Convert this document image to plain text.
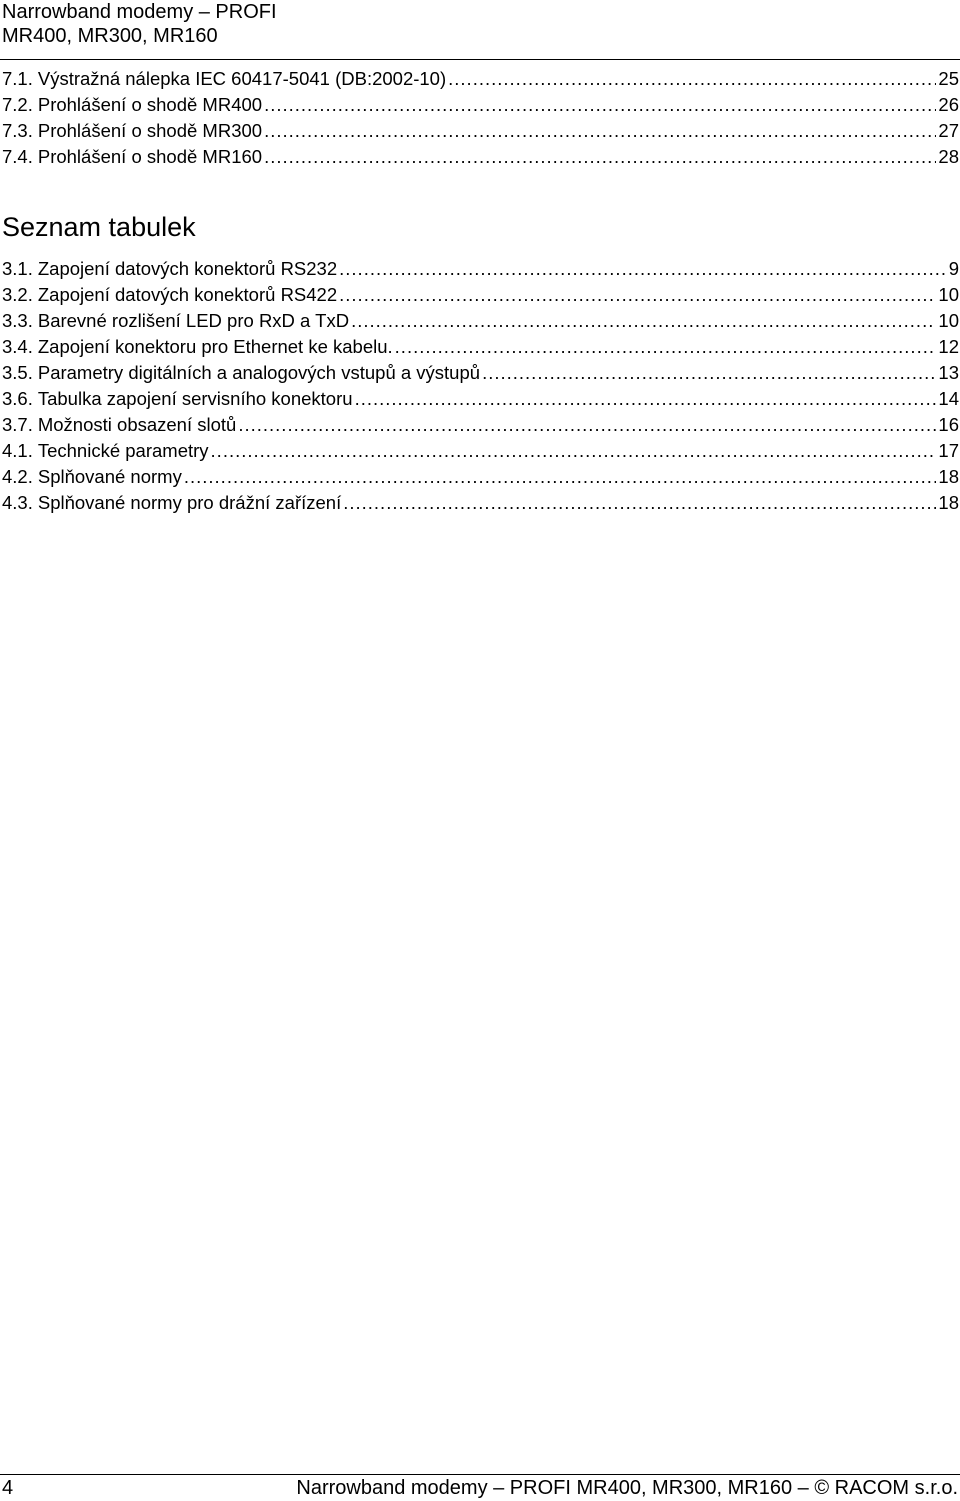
Narrowband modemy – PROFI
MR400, MR300, MR160
7.1. Výstražná nálepka IEC 60417-5041 (DB:2002-10) .....	25
7.2. Prohlášení o shodě MR400 .....	26
7.3. Prohlášení o shodě MR300 .....	27
7.4. Prohlášení o shodě MR160 .....	28
Seznam tabulek
3.1. Zapojení datových konektorů RS232 .....	9
3.2. Zapojení datových konektorů RS422 .....	10
3.3. Barevné rozlišení LED pro RxD a TxD .....	10
3.4. Zapojení konektoru pro Ethernet ke kabelu. .....	12
3.5. Parametry digitálních a analogových vstupů a výstupů .....	13
3.6. Tabulka zapojení servisního konektoru .....	14
3.7. Možnosti obsazení slotů .....	16
4.1. Technické parametry .....	17
4.2. Splňované normy .....	18
4.3. Splňované normy pro drážní zařízení .....	18
4	Narrowband modemy – PROFI MR400, MR300, MR160 – © RACOM s.r.o.
